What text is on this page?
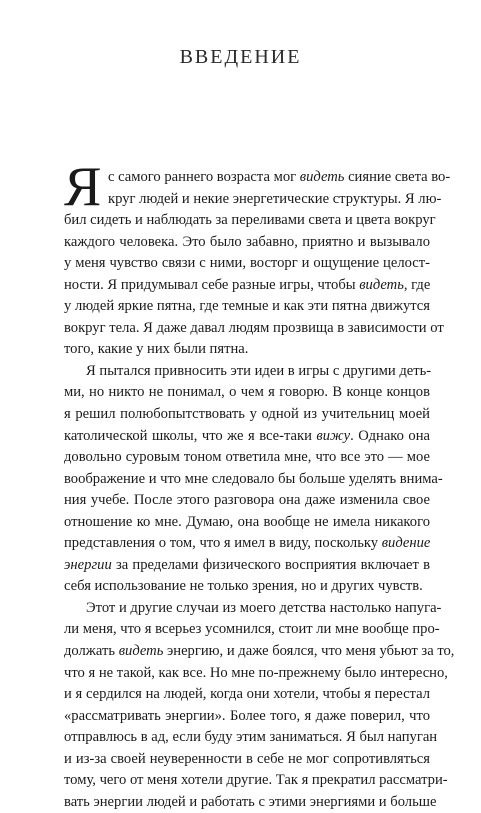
ВВЕДЕНИЕ
Я с самого раннего возраста мог видеть сияние света во-
круг людей и некие энергетические структуры. Я лю-
бил сидеть и наблюдать за переливами света и цвета вокруг
каждого человека. Это было забавно, приятно и вызывало
у меня чувство связи с ними, восторг и ощущение целост-
ности. Я придумывал себе разные игры, чтобы видеть, где
у людей яркие пятна, где темные и как эти пятна движутся
вокруг тела. Я даже давал людям прозвища в зависимости от
того, какие у них были пятна.
Я пытался привносить эти идеи в игры с другими деть-
ми, но никто не понимал, о чем я говорю. В конце концов
я решил полюбопытствовать у одной из учительниц моей
католической школы, что же я все-таки вижу. Однако она
довольно суровым тоном ответила мне, что все это — мое
воображение и что мне следовало бы больше уделять внима-
ния учебе. После этого разговора она даже изменила свое
отношение ко мне. Думаю, она вообще не имела никакого
представления о том, что я имел в виду, поскольку видение
энергии за пределами физического восприятия включает в
себя использование не только зрения, но и других чувств.
Этот и другие случаи из моего детства настолько напуга-
ли меня, что я всерьез усомнился, стоит ли мне вообще про-
должать видеть энергию, и даже боялся, что меня убьют за то,
что я не такой, как все. Но мне по-прежнему было интересно,
и я сердился на людей, когда они хотели, чтобы я перестал
«рассматривать энергии». Более того, я даже поверил, что
отправлюсь в ад, если буду этим заниматься. Я был напуган
и из-за своей неуверенности в себе не мог сопротивляться
тому, чего от меня хотели другие. Так я прекратил рассматри-
вать энергии людей и работать с этими энергиями и больше
